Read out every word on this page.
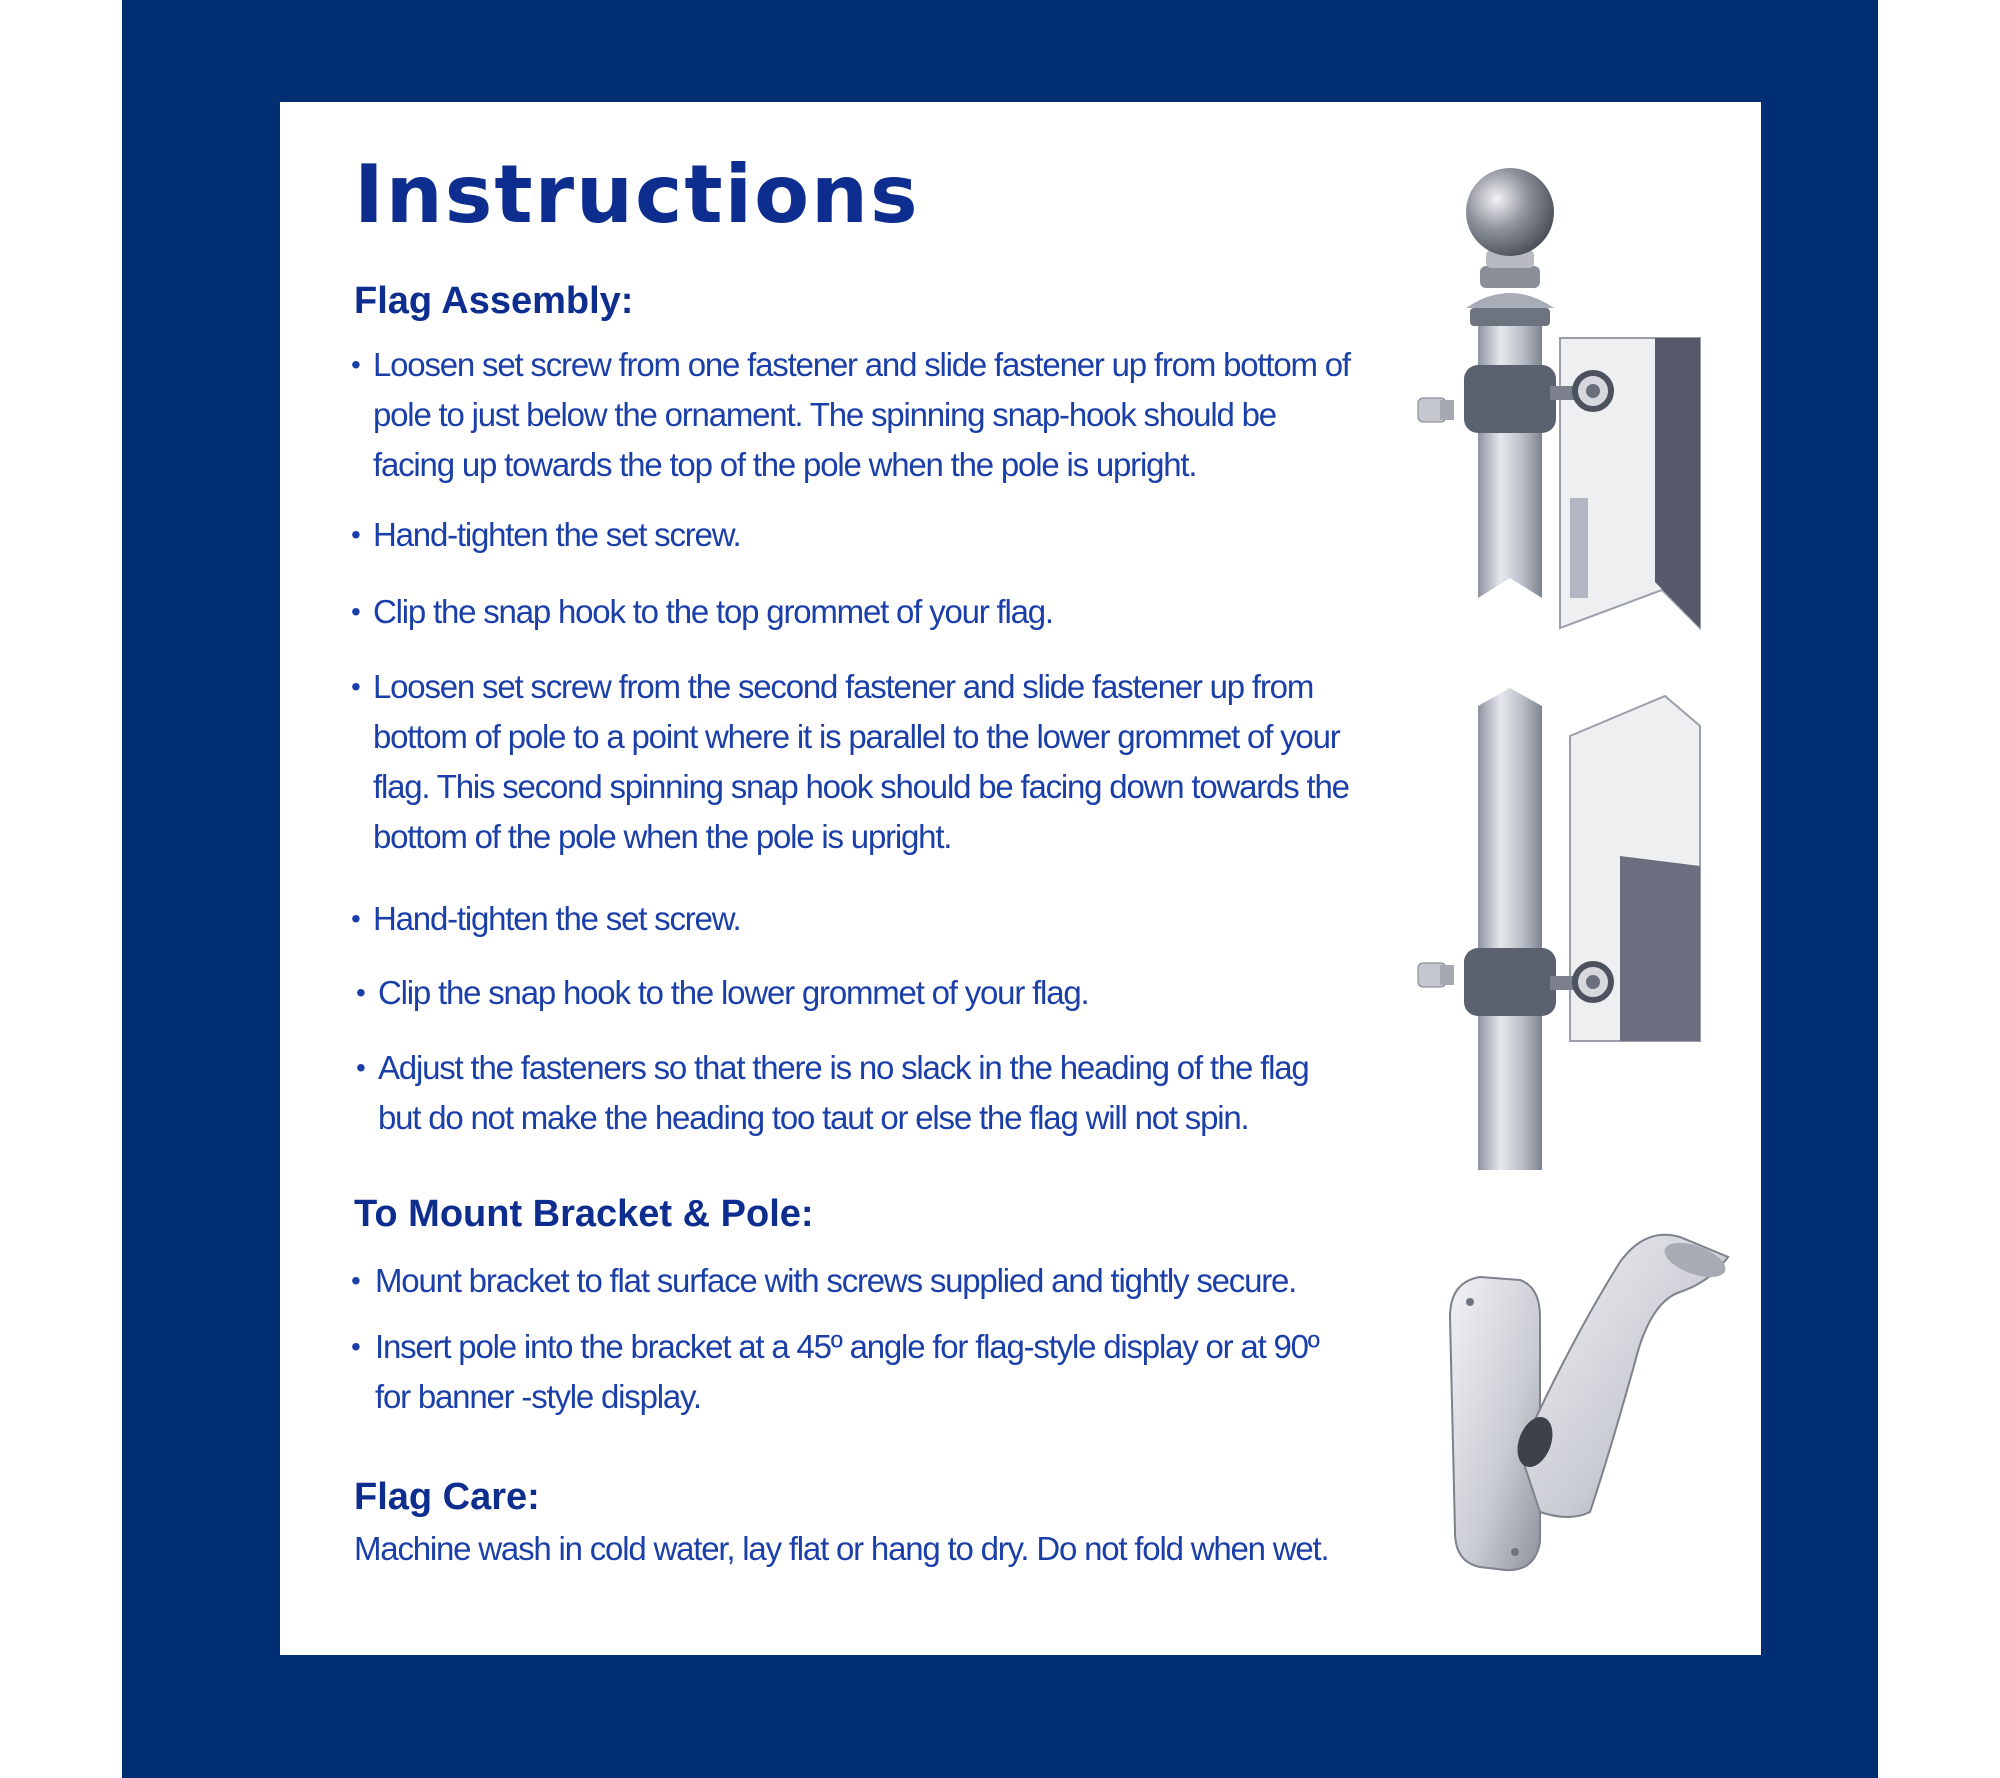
Instructions
Flag Assembly:
• Loosen set screw from one fastener and slide fastener up from bottom of pole to just below the ornament. The spinning snap-hook should be facing up towards the top of the pole when the pole is upright.

• Hand-tighten the set screw.

• Clip the snap hook to the top grommet of your flag.

• Loosen set screw from the second fastener and slide fastener up from bottom of pole to a point where it is parallel to the lower grommet of your flag. This second spinning snap hook should be facing down towards the bottom of the pole when the pole is upright.

• Hand-tighten the set screw.

• Clip the snap hook to the lower grommet of your flag.

• Adjust the fasteners so that there is no slack in the heading of the flag but do not make the heading too taut or else the flag will not spin.

To Mount Bracket & Pole:
• Mount bracket to flat surface with screws supplied and tightly secure.

• Insert pole into the bracket at a 45º angle for flag-style display or at 90º for banner -style display.

Flag Care:

Machine wash in cold water, lay flat or hang to dry. Do not fold when wet.
